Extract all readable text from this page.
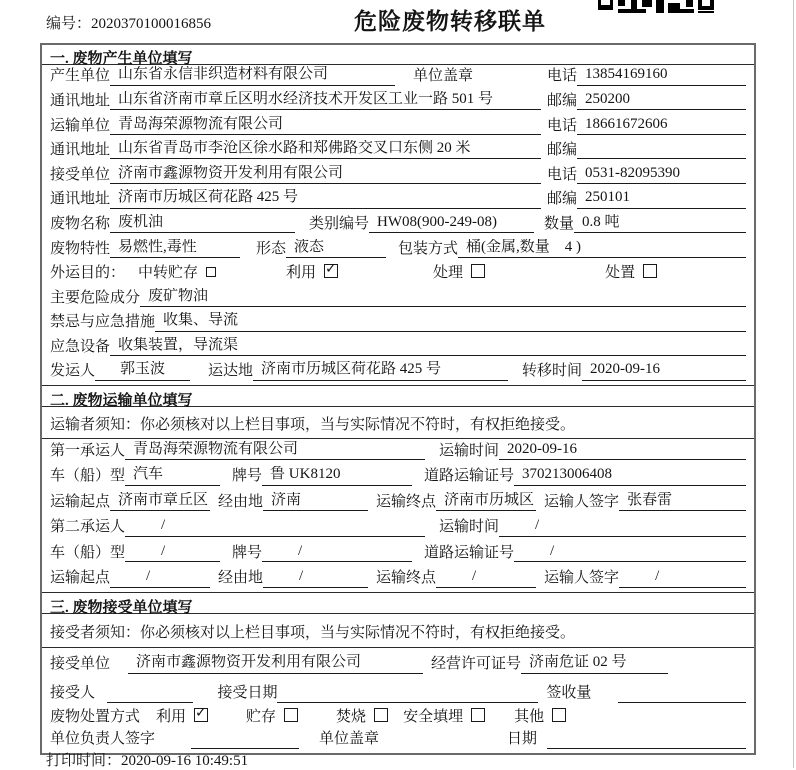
编号：2020370100016856	危险废物转移联单
一. 废物产生单位填写
产生单位 山东省永信非织造材料有限公司	单位盖章	电话 13854169160
通讯地址 山东省济南市章丘区明水经济技术开发区工业一路 501 号	邮编 250200
运输单位 青岛海荣源物流有限公司	电话 18661672606
通讯地址 山东省青岛市李沧区徐水路和郑佛路交叉口东侧 20 米	邮编
接受单位 济南市鑫源物资开发利用有限公司	电话 0531-82095390
通讯地址 济南市历城区荷花路 425 号	邮编 250101
废物名称 废机油	类别编号 HW08(900-249-08)	数量 0.8 吨
废物特性 易燃性,毒性	形态 液态	包装方式 桶(金属,数量　4 )
外运目的： 中转贮存	利用 ✓	处理	处置
主要危险成分 废矿物油
禁忌与应急措施 收集、导流
应急设备 收集装置，导流渠
发运人	郭玉波	运达地 济南市历城区荷花路 425 号	转移时间 2020-09-16
二. 废物运输单位填写
运输者须知：你必须核对以上栏目事项，当与实际情况不符时，有权拒绝接受。
第一承运人 青岛海荣源物流有限公司	运输时间 2020-09-16
车（船）型 汽车	牌号 鲁 UK8120	道路运输证号 370213006408
运输起点 济南市章丘区 经由地 济南	运输终点 济南市历城区 运输人签字 张春雷
第二承运人	/	运输时间	/
车（船）型	/	牌号	/	道路运输证号	/
运输起点	/	经由地	/	运输终点	/	运输人签字	/
三. 废物接受单位填写
接受者须知：你必须核对以上栏目事项，当与实际情况不符时，有权拒绝接受。
接受单位	济南市鑫源物资开发利用有限公司	经营许可证号 济南危证 02 号
接受人	接受日期	签收量
废物处置方式 利用 ✓	贮存	焚烧	安全填埋	其他
单位负责人签字	单位盖章	日期
打印时间：2020-09-16 10:49:51
